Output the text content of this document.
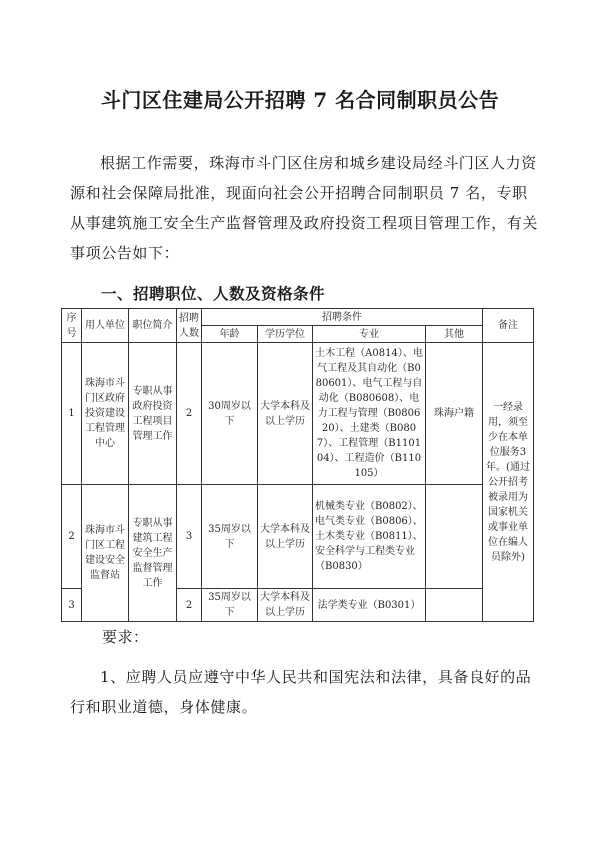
斗门区住建局公开招聘 7 名合同制职员公告
根据工作需要，珠海市斗门区住房和城乡建设局经斗门区人力资源和社会保障局批准，现面向社会公开招聘合同制职员 7 名，专职从事建筑施工安全生产监督管理及政府投资工程项目管理工作，有关事项公告如下：
一、招聘职位、人数及资格条件
序号	用人单位	职位简介	招聘人数	招聘条件				备注
				年龄	学历学位	专业	其他	
1	珠海市斗门区政府投资建设工程管理中心	专职从事政府投资工程项目管理工作	2	30周岁以下	大学本科及以上学历	土木工程（A0814）、电气工程及其自动化（B080601）、电气工程与自动化（B080608）、电力工程与管理（B080620）、土建类（B0807）、工程管理（B110104）、工程造价（B110105）	珠海户籍	一经录用，须至少在本单位服务3年。(通过公开招考被录用为国家机关或事业单位在编人员除外)
2	珠海市斗门区工程建设安全监督站	专职从事建筑工程安全生产监督管理工作	3	35周岁以下	大学本科及以上学历	机械类专业（B0802）、电气类专业（B0806）、土木类专业（B0811）、安全科学与工程类专业（B0830）		
3			2	35周岁以下	大学本科及以上学历	法学类专业（B0301）		
要求：
1、应聘人员应遵守中华人民共和国宪法和法律，具备良好的品行和职业道德，身体健康。
